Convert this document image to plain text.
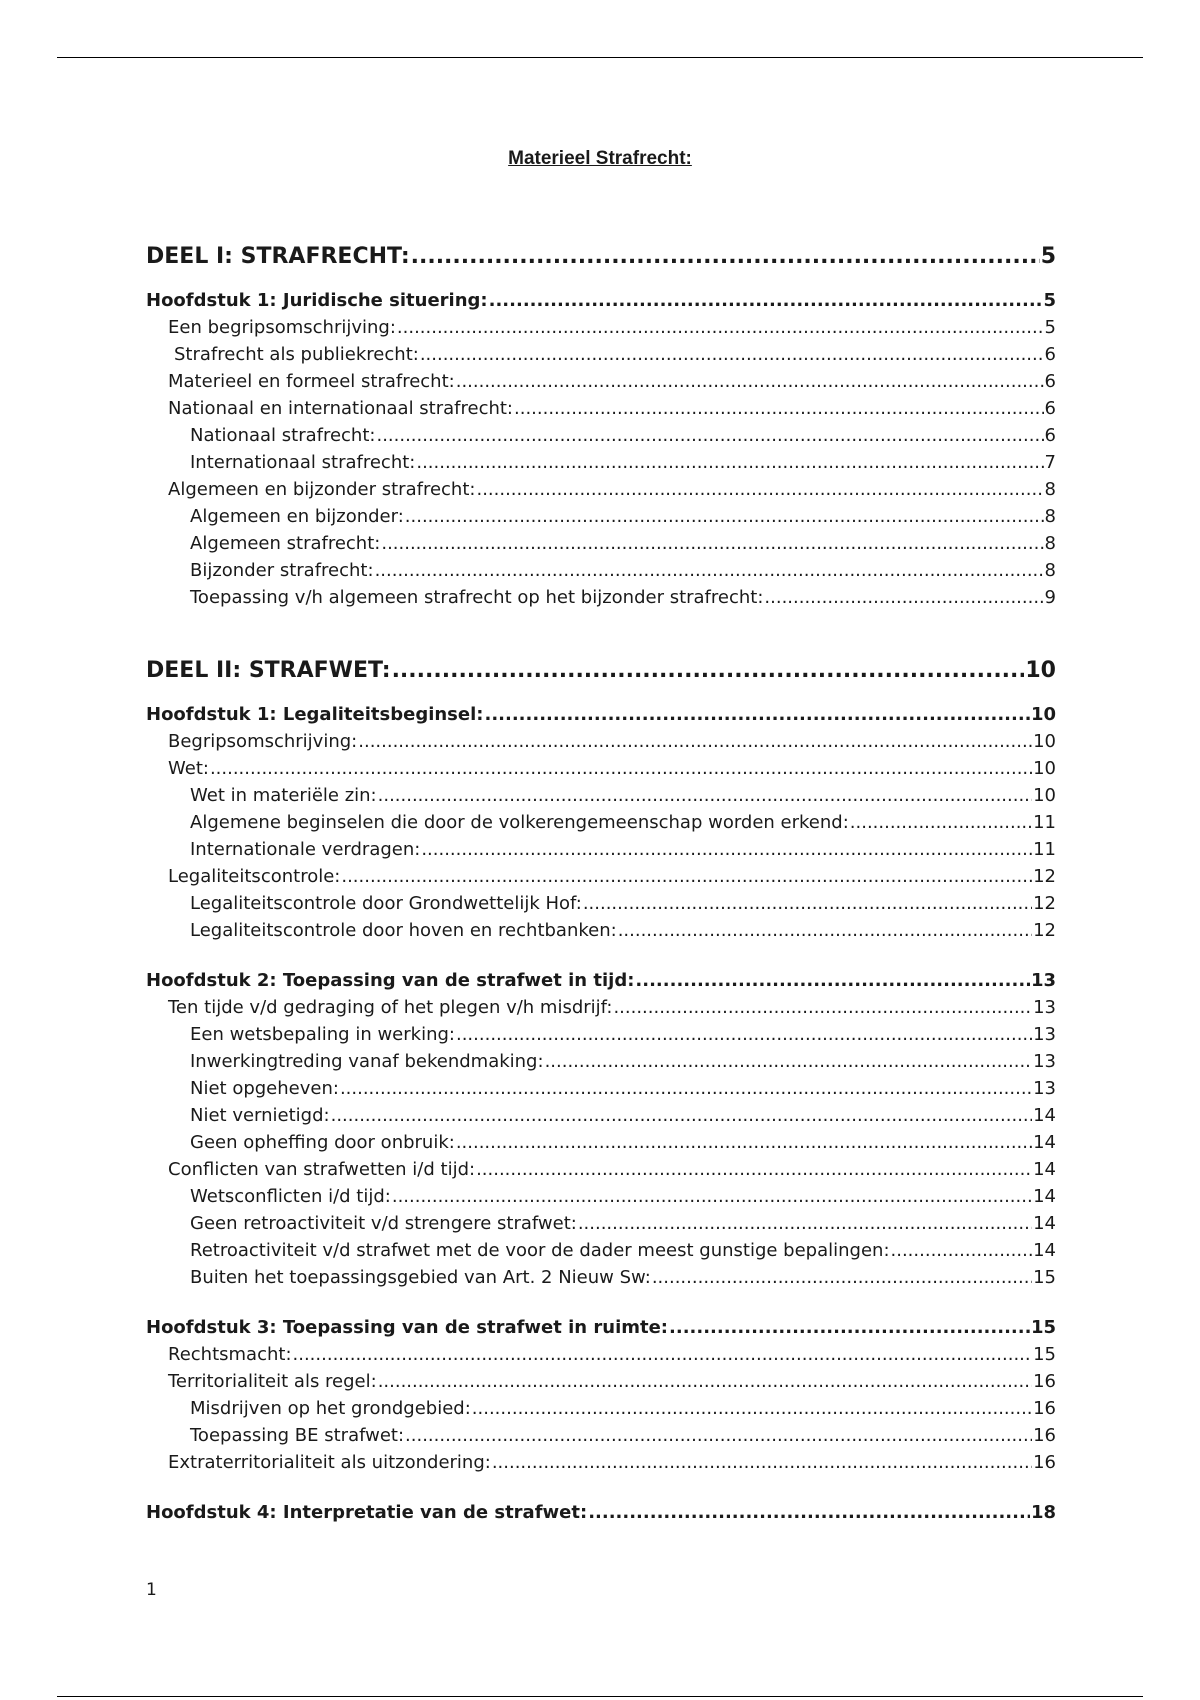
Materieel Strafrecht:
DEEL I: STRAFRECHT: .....	5
Hoofdstuk 1: Juridische situering: .....	5
Een begripsomschrijving: .....	5
Strafrecht als publiekrecht: .....	6
Materieel en formeel strafrecht: .....	6
Nationaal en internationaal strafrecht: .....	6
Nationaal strafrecht: .....	6
Internationaal strafrecht: .....	7
Algemeen en bijzonder strafrecht: .....	8
Algemeen en bijzonder: .....	8
Algemeen strafrecht: .....	8
Bijzonder strafrecht: .....	8
Toepassing v/h algemeen strafrecht op het bijzonder strafrecht: .....	9
DEEL II: STRAFWET: .....	10
Hoofdstuk 1: Legaliteitsbeginsel: .....	10
Begripsomschrijving: .....	10
Wet: .....	10
Wet in materiële zin: .....	10
Algemene beginselen die door de volkerengemeenschap worden erkend: .....	11
Internationale verdragen: .....	11
Legaliteitscontrole: .....	12
Legaliteitscontrole door Grondwettelijk Hof: .....	12
Legaliteitscontrole door hoven en rechtbanken: .....	12
Hoofdstuk 2: Toepassing van de strafwet in tijd: .....	13
Ten tijde v/d gedraging of het plegen v/h misdrijf: .....	13
Een wetsbepaling in werking: .....	13
Inwerkingtreding vanaf bekendmaking: .....	13
Niet opgeheven: .....	13
Niet vernietigd: .....	14
Geen opheffing door onbruik: .....	14
Conflicten van strafwetten i/d tijd: .....	14
Wetsconflicten i/d tijd: .....	14
Geen retroactiviteit v/d strengere strafwet: .....	14
Retroactiviteit v/d strafwet met de voor de dader meest gunstige bepalingen: .....	14
Buiten het toepassingsgebied van Art. 2 Nieuw Sw: .....	15
Hoofdstuk 3: Toepassing van de strafwet in ruimte: .....	15
Rechtsmacht: .....	15
Territorialiteit als regel: .....	16
Misdrijven op het grondgebied: .....	16
Toepassing BE strafwet: .....	16
Extraterritorialiteit als uitzondering: .....	16
Hoofdstuk 4: Interpretatie van de strafwet: .....	18
1
